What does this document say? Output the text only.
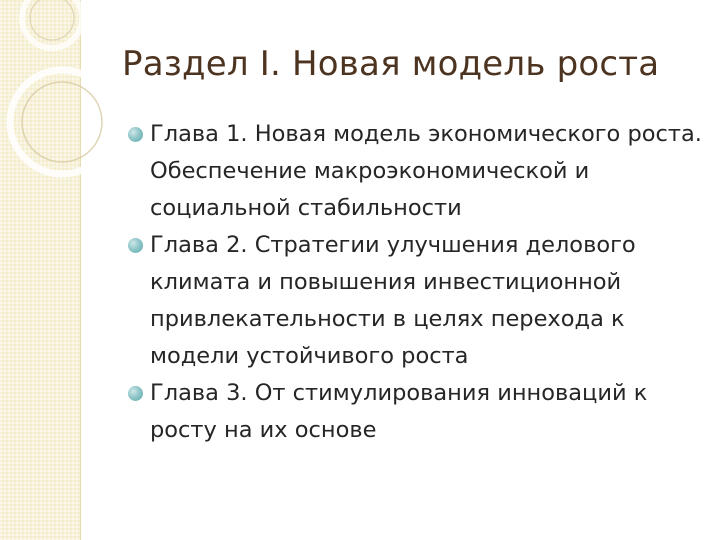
Раздел I. Новая модель роста
Глава 1. Новая модель экономического роста. Обеспечение макроэкономической и социальной стабильности
Глава 2. Стратегии улучшения делового климата и повышения инвестиционной привлекательности в целях перехода к модели устойчивого роста
Глава 3. От стимулирования инноваций к росту на их основе
